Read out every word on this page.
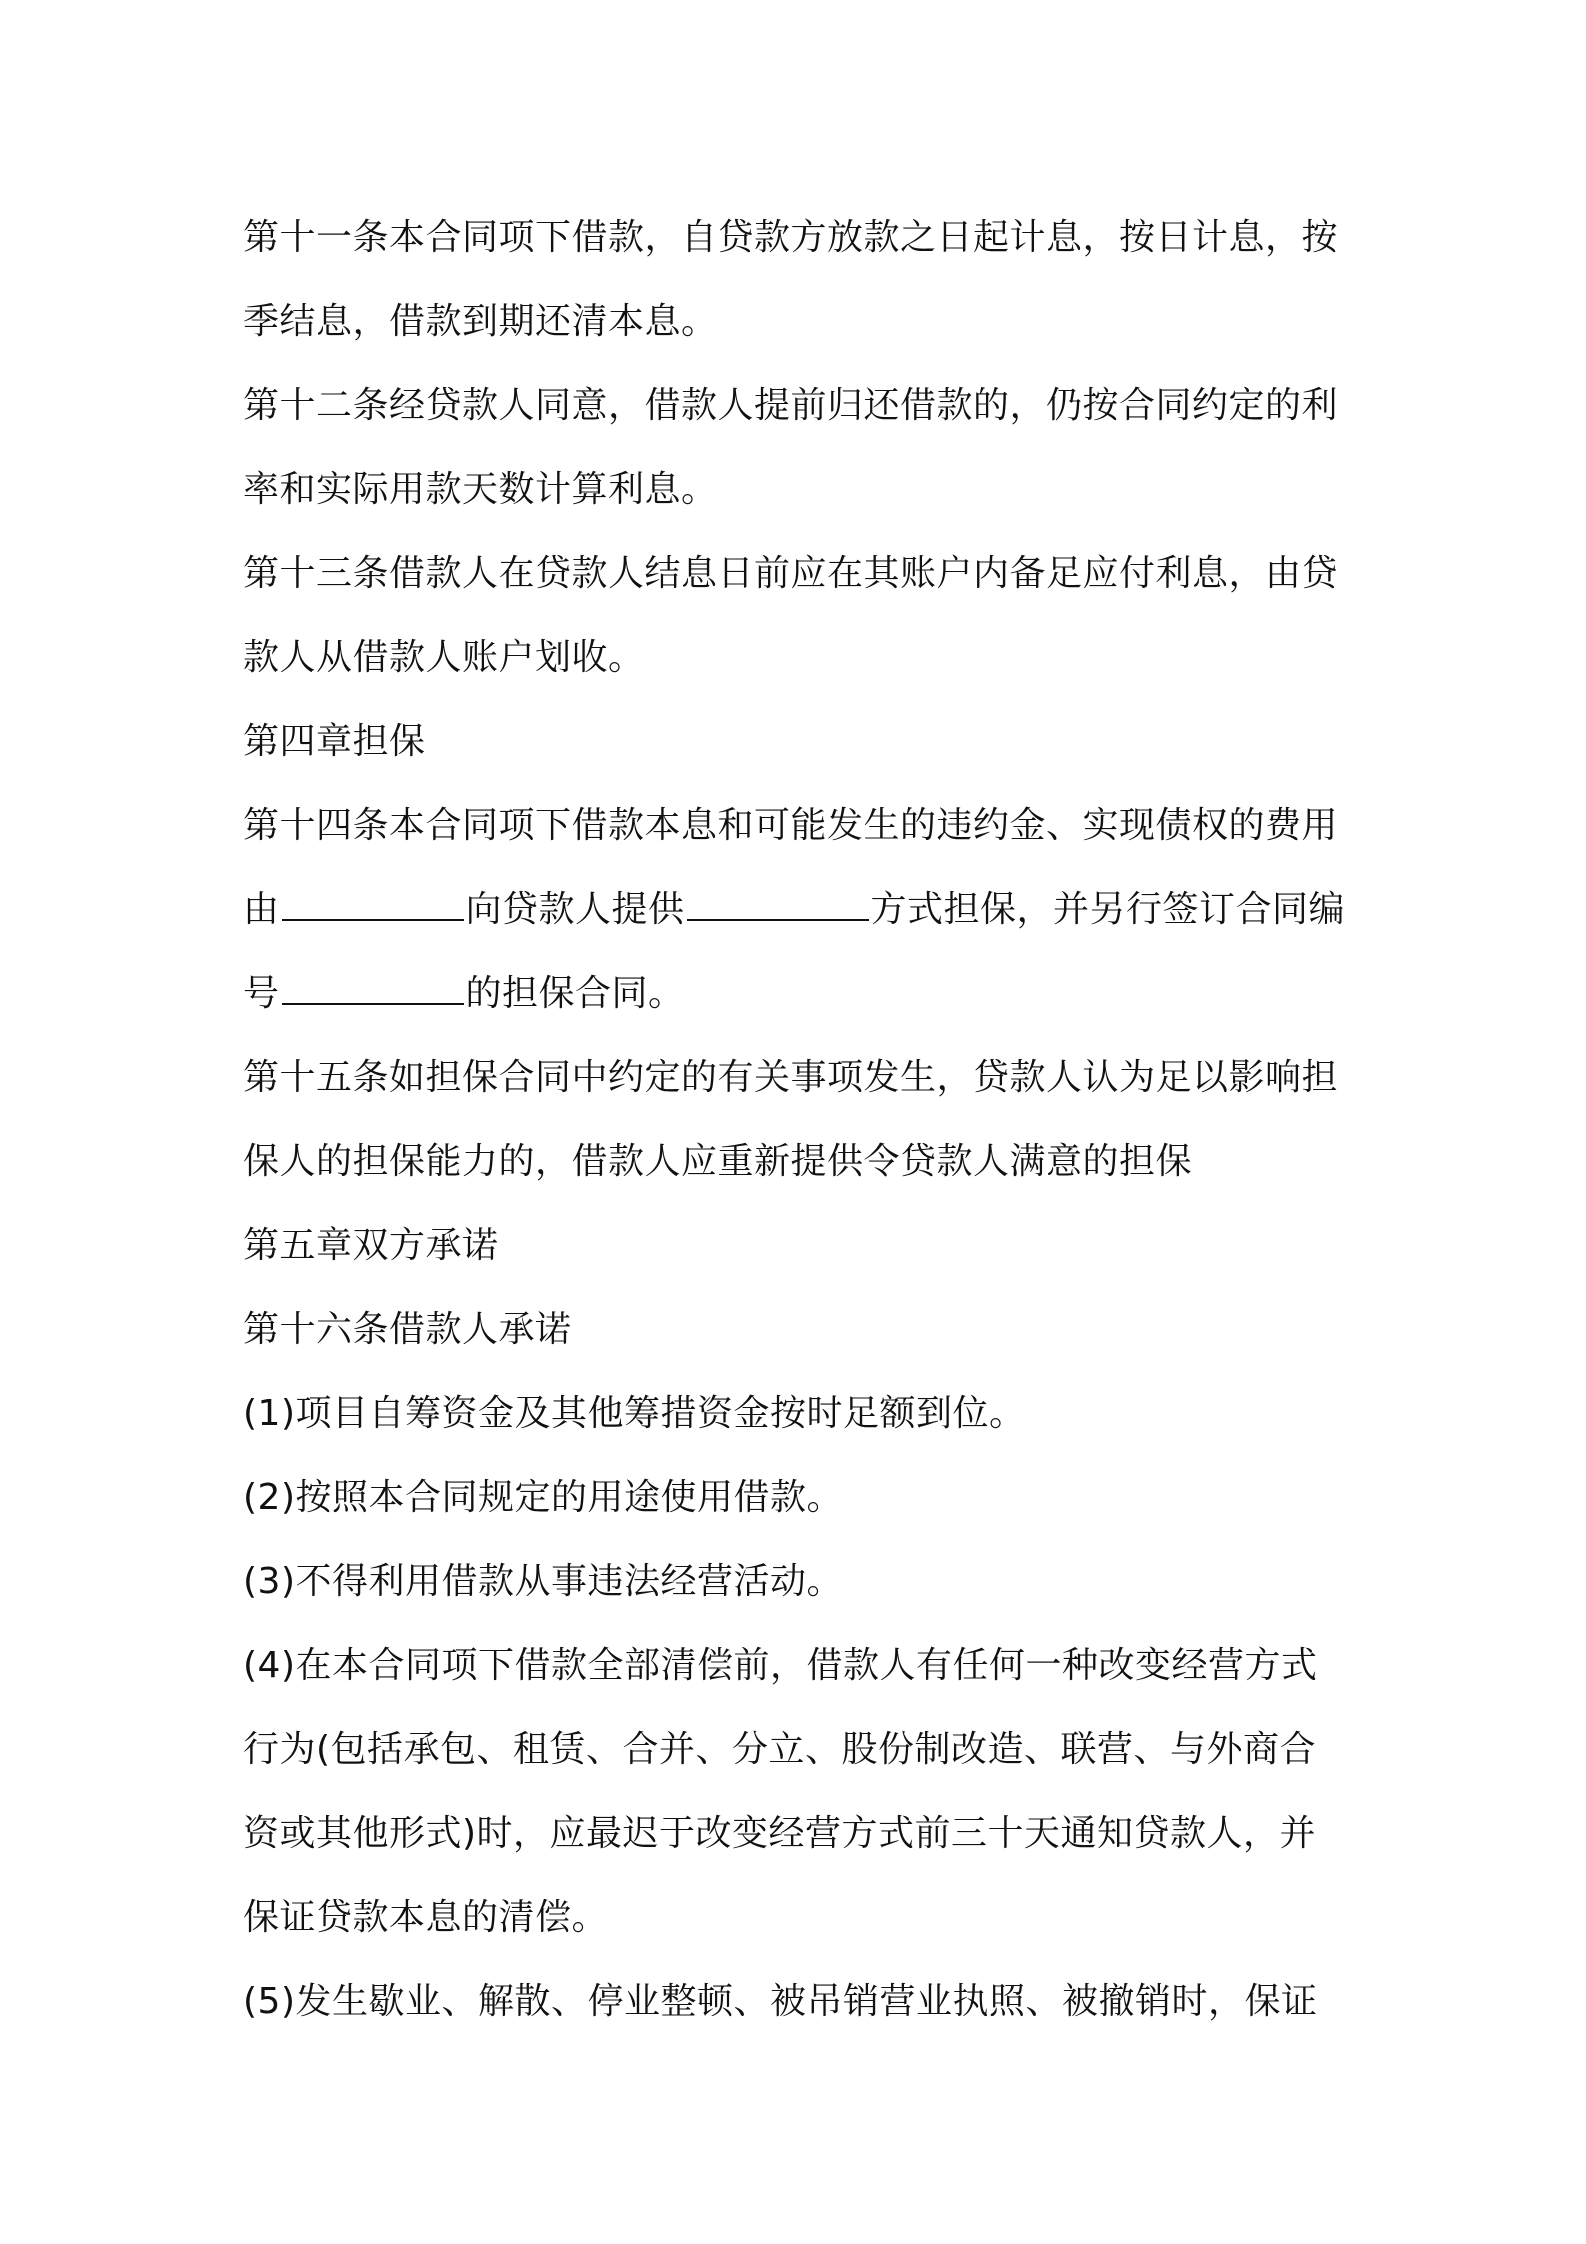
第十一条本合同项下借款，自贷款方放款之日起计息，按日计息，按
季结息，借款到期还清本息。
第十二条经贷款人同意，借款人提前归还借款的，仍按合同约定的利
率和实际用款天数计算利息。
第十三条借款人在贷款人结息日前应在其账户内备足应付利息，由贷
款人从借款人账户划收。
第四章担保
第十四条本合同项下借款本息和可能发生的违约金、实现债权的费用
由	向贷款人提供	方式担保，并另行签订合同编
号	的担保合同。
第十五条如担保合同中约定的有关事项发生，贷款人认为足以影响担
保人的担保能力的，借款人应重新提供令贷款人满意的担保
第五章双方承诺
第十六条借款人承诺
(1)项目自筹资金及其他筹措资金按时足额到位。
(2)按照本合同规定的用途使用借款。
(3)不得利用借款从事违法经营活动。
(4)在本合同项下借款全部清偿前，借款人有任何一种改变经营方式
行为(包括承包、租赁、合并、分立、股份制改造、联营、与外商合
资或其他形式)时，应最迟于改变经营方式前三十天通知贷款人，并
保证贷款本息的清偿。
(5)发生歇业、解散、停业整顿、被吊销营业执照、被撤销时，保证
